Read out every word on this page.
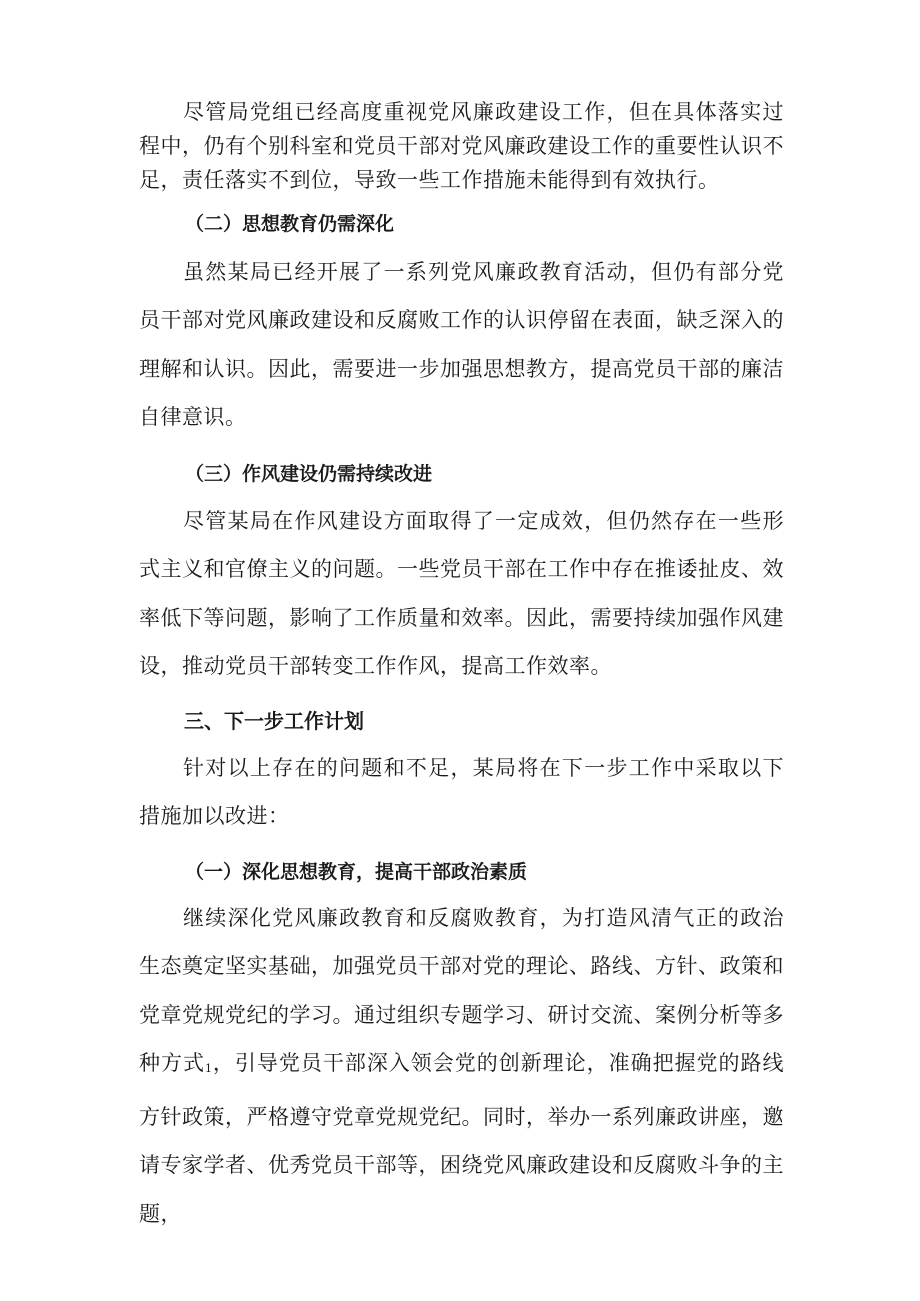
尽管局党组已经高度重视党风廉政建设工作，但在具体落实过程中，仍有个别科室和党员干部对党风廉政建设工作的重要性认识不足，责任落实不到位，导致一些工作措施未能得到有效执行。

（二）思想教育仍需深化

虽然某局已经开展了一系列党风廉政教育活动，但仍有部分党员干部对党风廉政建设和反腐败工作的认识停留在表面，缺乏深入的理解和认识。因此，需要进一步加强思想教方，提高党员干部的廉洁自律意识。

（三）作风建设仍需持续改进

尽管某局在作风建设方面取得了一定成效，但仍然存在一些形式主义和官僚主义的问题。一些党员干部在工作中存在推诿扯皮、效率低下等问题，影响了工作质量和效率。因此，需要持续加强作风建设，推动党员干部转变工作作风，提高工作效率。

三、下一步工作计划

针对以上存在的问题和不足，某局将在下一步工作中采取以下措施加以改进：

（一）深化思想教育，提高干部政治素质

继续深化党风廉政教育和反腐败教育，为打造风清气正的政治生态奠定坚实基础，加强党员干部对党的理论、路线、方针、政策和党章党规党纪的学习。通过组织专题学习、研讨交流、案例分析等多种方式$_1$，引导党员干部深入领会党的创新理论，准确把握党的路线方针政策，严格遵守党章党规党纪。同时，举办一系列廉政讲座，邀请专家学者、优秀党员干部等，困绕党风廉政建设和反腐败斗争的主题，
